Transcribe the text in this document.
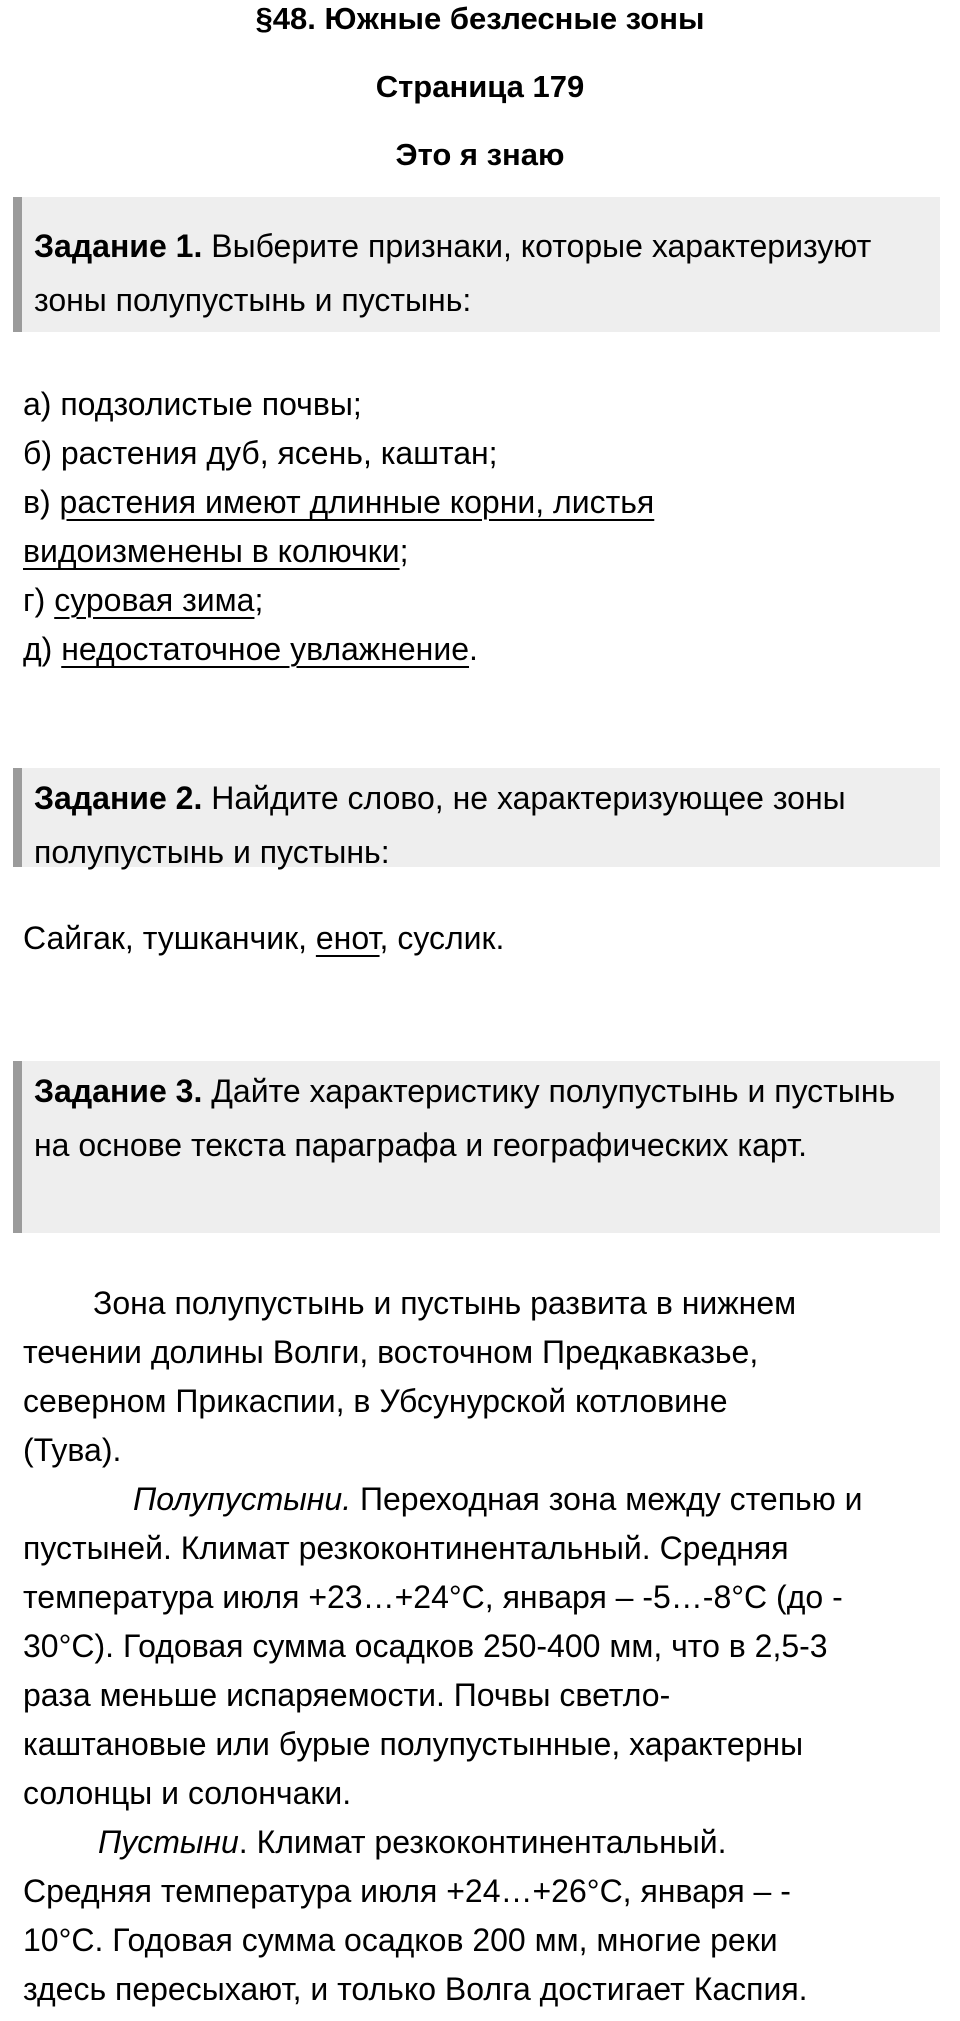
§48. Южные безлесные зоны
Страница 179
Это я знаю
Задание 1. Выберите признаки, которые характеризуют зоны полупустынь и пустынь:
а) подзолистые почвы;
б) растения дуб, ясень, каштан;
в) растения имеют длинные корни, листья
видоизменены в колючки;
г) суровая зима;
д) недостаточное увлажнение.
Задание 2. Найдите слово, не характеризующее зоны полупустынь и пустынь:
Сайгак, тушканчик, енот, суслик.
Задание 3. Дайте характеристику полупустынь и пустынь на основе текста параграфа и географических карт.
Зона полупустынь и пустынь развита в нижнем
течении долины Волги, восточном Предкавказье,
северном Прикаспии, в Убсунурской котловине
(Тува).
Полупустыни. Переходная зона между степью и
пустыней. Климат резкоконтинентальный. Средняя
температура июля +23…+24°С, января – -5…-8°С (до -
30°С). Годовая сумма осадков 250-400 мм, что в 2,5-3
раза меньше испаряемости. Почвы светло-
каштановые или бурые полупустынные, характерны
солонцы и солончаки.
Пустыни. Климат резкоконтинентальный.
Средняя температура июля +24…+26°С, января – -
10°С. Годовая сумма осадков 200 мм, многие реки
здесь пересыхают, и только Волга достигает Каспия.
